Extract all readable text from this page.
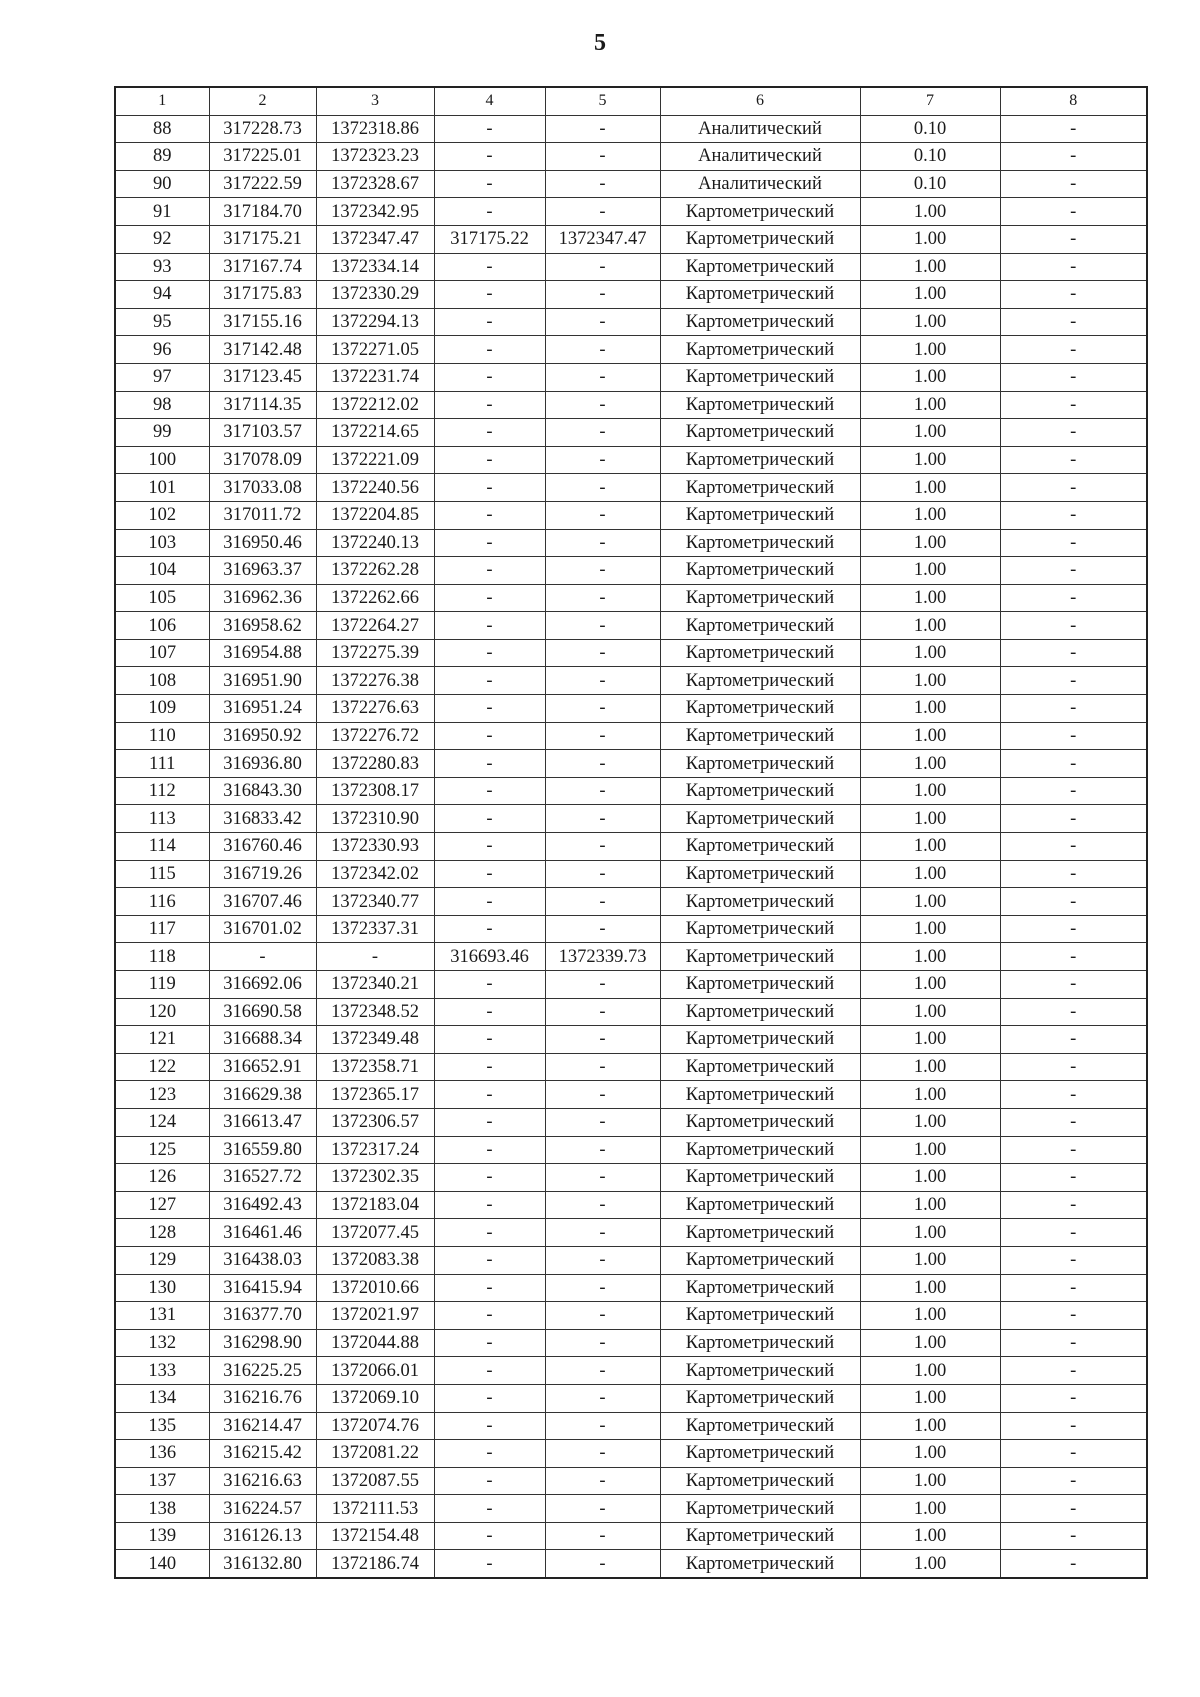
5
1	2	3	4	5	6	7	8
88	317228.73	1372318.86	-	-	Аналитический	0.10	-
89	317225.01	1372323.23	-	-	Аналитический	0.10	-
90	317222.59	1372328.67	-	-	Аналитический	0.10	-
91	317184.70	1372342.95	-	-	Картометрический	1.00	-
92	317175.21	1372347.47	317175.22	1372347.47	Картометрический	1.00	-
93	317167.74	1372334.14	-	-	Картометрический	1.00	-
94	317175.83	1372330.29	-	-	Картометрический	1.00	-
95	317155.16	1372294.13	-	-	Картометрический	1.00	-
96	317142.48	1372271.05	-	-	Картометрический	1.00	-
97	317123.45	1372231.74	-	-	Картометрический	1.00	-
98	317114.35	1372212.02	-	-	Картометрический	1.00	-
99	317103.57	1372214.65	-	-	Картометрический	1.00	-
100	317078.09	1372221.09	-	-	Картометрический	1.00	-
101	317033.08	1372240.56	-	-	Картометрический	1.00	-
102	317011.72	1372204.85	-	-	Картометрический	1.00	-
103	316950.46	1372240.13	-	-	Картометрический	1.00	-
104	316963.37	1372262.28	-	-	Картометрический	1.00	-
105	316962.36	1372262.66	-	-	Картометрический	1.00	-
106	316958.62	1372264.27	-	-	Картометрический	1.00	-
107	316954.88	1372275.39	-	-	Картометрический	1.00	-
108	316951.90	1372276.38	-	-	Картометрический	1.00	-
109	316951.24	1372276.63	-	-	Картометрический	1.00	-
110	316950.92	1372276.72	-	-	Картометрический	1.00	-
111	316936.80	1372280.83	-	-	Картометрический	1.00	-
112	316843.30	1372308.17	-	-	Картометрический	1.00	-
113	316833.42	1372310.90	-	-	Картометрический	1.00	-
114	316760.46	1372330.93	-	-	Картометрический	1.00	-
115	316719.26	1372342.02	-	-	Картометрический	1.00	-
116	316707.46	1372340.77	-	-	Картометрический	1.00	-
117	316701.02	1372337.31	-	-	Картометрический	1.00	-
118	-	-	316693.46	1372339.73	Картометрический	1.00	-
119	316692.06	1372340.21	-	-	Картометрический	1.00	-
120	316690.58	1372348.52	-	-	Картометрический	1.00	-
121	316688.34	1372349.48	-	-	Картометрический	1.00	-
122	316652.91	1372358.71	-	-	Картометрический	1.00	-
123	316629.38	1372365.17	-	-	Картометрический	1.00	-
124	316613.47	1372306.57	-	-	Картометрический	1.00	-
125	316559.80	1372317.24	-	-	Картометрический	1.00	-
126	316527.72	1372302.35	-	-	Картометрический	1.00	-
127	316492.43	1372183.04	-	-	Картометрический	1.00	-
128	316461.46	1372077.45	-	-	Картометрический	1.00	-
129	316438.03	1372083.38	-	-	Картометрический	1.00	-
130	316415.94	1372010.66	-	-	Картометрический	1.00	-
131	316377.70	1372021.97	-	-	Картометрический	1.00	-
132	316298.90	1372044.88	-	-	Картометрический	1.00	-
133	316225.25	1372066.01	-	-	Картометрический	1.00	-
134	316216.76	1372069.10	-	-	Картометрический	1.00	-
135	316214.47	1372074.76	-	-	Картометрический	1.00	-
136	316215.42	1372081.22	-	-	Картометрический	1.00	-
137	316216.63	1372087.55	-	-	Картометрический	1.00	-
138	316224.57	1372111.53	-	-	Картометрический	1.00	-
139	316126.13	1372154.48	-	-	Картометрический	1.00	-
140	316132.80	1372186.74	-	-	Картометрический	1.00	-
